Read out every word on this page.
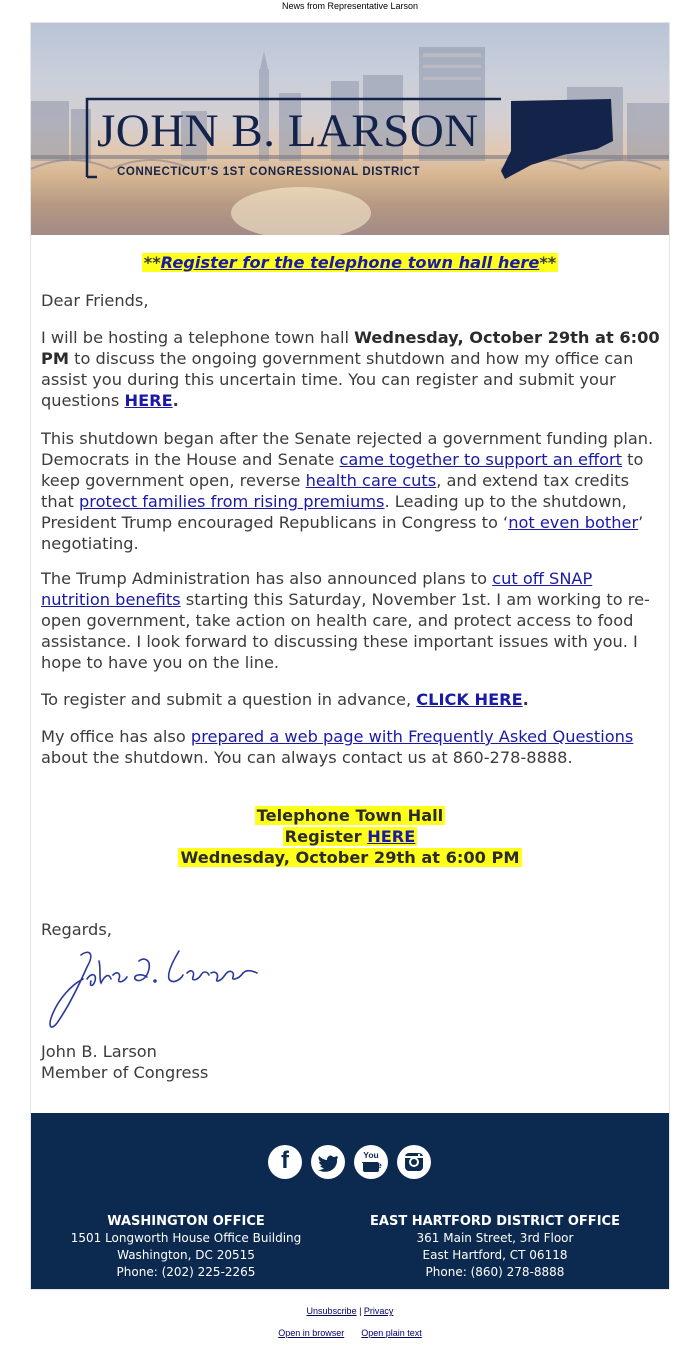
News from Representative Larson
JOHN B. LARSON
CONNECTICUT'S 1ST CONGRESSIONAL DISTRICT
**Register for the telephone town hall here**
Dear Friends,

I will be hosting a telephone town hall Wednesday, October 29th at 6:00 PM to discuss the ongoing government shutdown and how my office can assist you during this uncertain time. You can register and submit your questions HERE.

This shutdown began after the Senate rejected a government funding plan. Democrats in the House and Senate came together to support an effort to keep government open, reverse health care cuts, and extend tax credits that protect families from rising premiums. Leading up to the shutdown, President Trump encouraged Republicans in Congress to ‘not even bother’ negotiating.

The Trump Administration has also announced plans to cut off SNAP nutrition benefits starting this Saturday, November 1st. I am working to re-open government, take action on health care, and protect access to food assistance. I look forward to discussing these important issues with you. I hope to have you on the line.

To register and submit a question in advance, CLICK HERE.

My office has also prepared a web page with Frequently Asked Questions about the shutdown. You can always contact us at 860-278-8888.

Telephone Town Hall
Register HERE
Wednesday, October 29th at 6:00 PM
Regards,
John B. Larson
Member of Congress
f	You Tube
WASHINGTON OFFICE
1501 Longworth House Office Building
Washington, DC 20515
Phone: (202) 225-2265
EAST HARTFORD DISTRICT OFFICE
361 Main Street, 3rd Floor
East Hartford, CT 06118
Phone: (860) 278-8888
Unsubscribe | Privacy
Open in browser Open plain text
